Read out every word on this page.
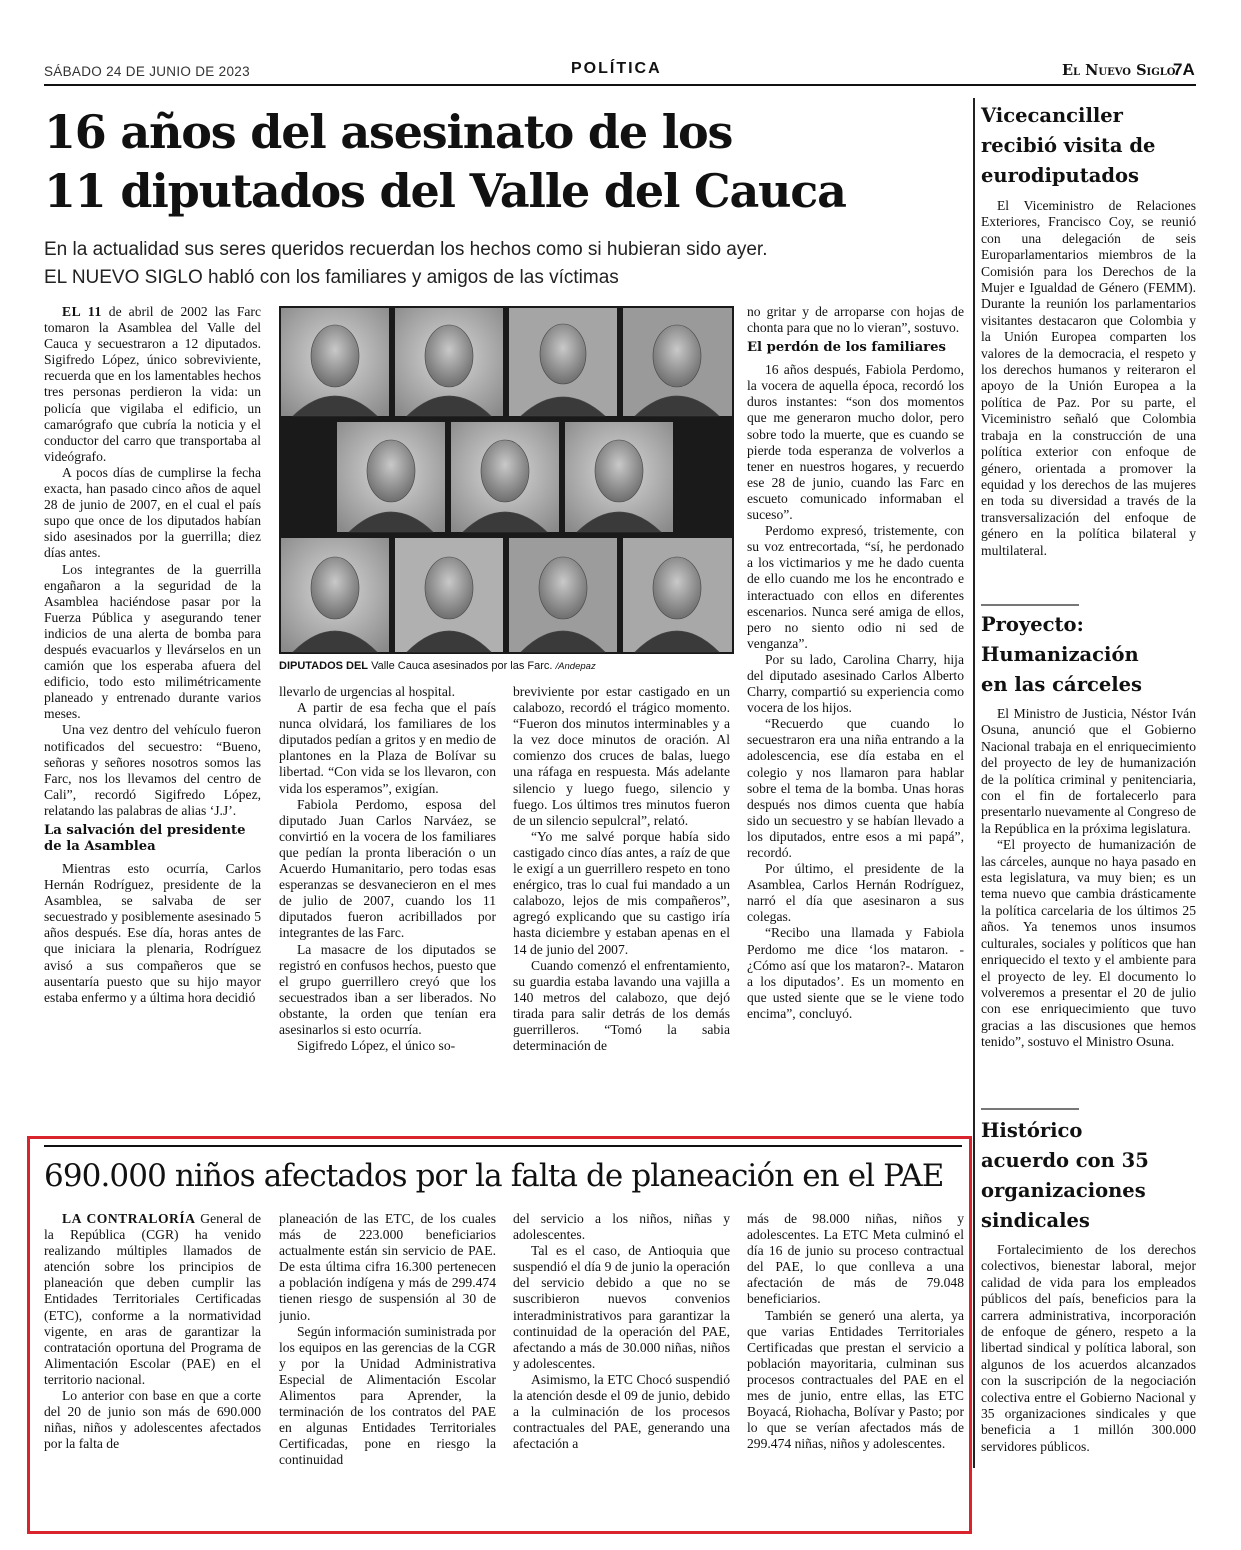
SÁBADO 24 DE JUNIO DE 2023	POLÍTICA	El Nuevo Siglo
7A
16 años del asesinato de los
11 diputados del Valle del Cauca
En la actualidad sus seres queridos recuerdan los hechos como si hubieran sido ayer.
EL NUEVO SIGLO habló con los familiares y amigos de las víctimas

EL 11 de abril de 2002 las Farc tomaron la Asamblea del Valle del Cauca y secuestraron a 12 diputados. Sigifredo López, único sobreviviente, recuerda que en los lamentables hechos tres personas perdieron la vida: un policía que vigilaba el edificio, un camarógrafo que cubría la noticia y el conductor del carro que transportaba al videógrafo.

A pocos días de cumplirse la fecha exacta, han pasado cinco años de aquel 28 de junio de 2007, en el cual el país supo que once de los diputados habían sido asesinados por la guerrilla; diez días antes.

Los integrantes de la guerrilla engañaron a la seguridad de la Asamblea haciéndose pasar por la Fuerza Pública y asegurando tener indicios de una alerta de bomba para después evacuarlos y llevárselos en un camión que los esperaba afuera del edificio, todo esto milimétricamente planeado y entrenado durante varios meses.

Una vez dentro del vehículo fueron notificados del secuestro: “Bueno, señoras y señores nosotros somos las Farc, nos los llevamos del centro de Cali”, recordó Sigifredo López, relatando las palabras de alias ‘J.J’.

La salvación del presidente de la Asamblea

Mientras esto ocurría, Carlos Hernán Rodríguez, presidente de la Asamblea, se salvaba de ser secuestrado y posiblemente asesinado 5 años después. Ese día, horas antes de que iniciara la plenaria, Rodríguez avisó a sus compañeros que se ausentaría puesto que su hijo mayor estaba enfermo y a última hora decidió

DIPUTADOS DEL Valle Cauca asesinados por las Farc. /Andepaz

llevarlo de urgencias al hospital.

A partir de esa fecha que el país nunca olvidará, los familiares de los diputados pedían a gritos y en medio de plantones en la Plaza de Bolívar su libertad. “Con vida se los llevaron, con vida los esperamos”, exigían.

Fabiola Perdomo, esposa del diputado Juan Carlos Narváez, se convirtió en la vocera de los familiares que pedían la pronta liberación o un Acuerdo Humanitario, pero todas esas esperanzas se desvanecieron en el mes de julio de 2007, cuando los 11 diputados fueron acribillados por integrantes de las Farc.

La masacre de los diputados se registró en confusos hechos, puesto que el grupo guerrillero creyó que los secuestrados iban a ser liberados. No obstante, la orden que tenían era asesinarlos si esto ocurría.

Sigifredo López, el único so-

breviviente por estar castigado en un calabozo, recordó el trágico momento. “Fueron dos minutos interminables y a la vez doce minutos de oración. Al comienzo dos cruces de balas, luego una ráfaga en respuesta. Más adelante silencio y luego fuego, silencio y fuego. Los últimos tres minutos fueron de un silencio sepulcral”, relató.

“Yo me salvé porque había sido castigado cinco días antes, a raíz de que le exigí a un guerrillero respeto en tono enérgico, tras lo cual fui mandado a un calabozo, lejos de mis compañeros”, agregó explicando que su castigo iría hasta diciembre y estaban apenas en el 14 de junio del 2007.

Cuando comenzó el enfrentamiento, su guardia estaba lavando una vajilla a 140 metros del calabozo, que dejó tirada para salir detrás de los demás guerrilleros. “Tomó la sabia determinación de

no gritar y de arroparse con hojas de chonta para que no lo vieran”, sostuvo.

El perdón de los familiares

16 años después, Fabiola Perdomo, la vocera de aquella época, recordó los duros instantes: “son dos momentos que me generaron mucho dolor, pero sobre todo la muerte, que es cuando se pierde toda esperanza de volverlos a tener en nuestros hogares, y recuerdo ese 28 de junio, cuando las Farc en escueto comunicado informaban el suceso”.

Perdomo expresó, tristemente, con su voz entrecortada, “sí, he perdonado a los victimarios y me he dado cuenta de ello cuando me los he encontrado e interactuado con ellos en diferentes escenarios. Nunca seré amiga de ellos, pero no siento odio ni sed de venganza”.

Por su lado, Carolina Charry, hija del diputado asesinado Carlos Alberto Charry, compartió su experiencia como vocera de los hijos.

“Recuerdo que cuando lo secuestraron era una niña entrando a la adolescencia, ese día estaba en el colegio y nos llamaron para hablar sobre el tema de la bomba. Unas horas después nos dimos cuenta que había sido un secuestro y se habían llevado a los diputados, entre esos a mi papá”, recordó.

Por último, el presidente de la Asamblea, Carlos Hernán Rodríguez, narró el día que asesinaron a sus colegas.

“Recibo una llamada y Fabiola Perdomo me dice ‘los mataron. - ¿Cómo así que los mataron?-. Mataron a los diputados’. Es un momento en que usted siente que se le viene todo encima”, concluyó.

Vicecanciller
recibió visita de
eurodiputados

El Viceministro de Relaciones Exteriores, Francisco Coy, se reunió con una delegación de seis Europarlamentarios miembros de la Comisión para los Derechos de la Mujer e Igualdad de Género (FEMM). Durante la reunión los parlamentarios visitantes destacaron que Colombia y la Unión Europea comparten los valores de la democracia, el respeto y los derechos humanos y reiteraron el apoyo de la Unión Europea a la política de Paz. Por su parte, el Viceministro señaló que Colombia trabaja en la construcción de una política exterior con enfoque de género, orientada a promover la equidad y los derechos de las mujeres en toda su diversidad a través de la transversalización del enfoque de género en la política bilateral y multilateral.

Proyecto:
Humanización
en las cárceles

El Ministro de Justicia, Néstor Iván Osuna, anunció que el Gobierno Nacional trabaja en el enriquecimiento del proyecto de ley de humanización de la política criminal y penitenciaria, con el fin de fortalecerlo para presentarlo nuevamente al Congreso de la República en la próxima legislatura.

“El proyecto de humanización de las cárceles, aunque no haya pasado en esta legislatura, va muy bien; es un tema nuevo que cambia drásticamente la política carcelaria de los últimos 25 años. Ya tenemos unos insumos culturales, sociales y políticos que han enriquecido el texto y el ambiente para el proyecto de ley. El documento lo volveremos a presentar el 20 de julio con ese enriquecimiento que tuvo gracias a las discusiones que hemos tenido”, sostuvo el Ministro Osuna.

Histórico
acuerdo con 35
organizaciones
sindicales

Fortalecimiento de los derechos colectivos, bienestar laboral, mejor calidad de vida para los empleados públicos del país, beneficios para la carrera administrativa, incorporación de enfoque de género, respeto a la libertad sindical y política laboral, son algunos de los acuerdos alcanzados con la suscripción de la negociación colectiva entre el Gobierno Nacional y 35 organizaciones sindicales y que beneficia a 1 millón 300.000 servidores públicos.

690.000 niños afectados por la falta de planeación en el PAE

LA CONTRALORÍA General de la República (CGR) ha venido realizando múltiples llamados de atención sobre los principios de planeación que deben cumplir las Entidades Territoriales Certificadas (ETC), conforme a la normatividad vigente, en aras de garantizar la contratación oportuna del Programa de Alimentación Escolar (PAE) en el territorio nacional.

Lo anterior con base en que a corte del 20 de junio son más de 690.000 niñas, niños y adolescentes afectados por la falta de

planeación de las ETC, de los cuales más de 223.000 beneficiarios actualmente están sin servicio de PAE. De esta última cifra 16.300 pertenecen a población indígena y más de 299.474 tienen riesgo de suspensión al 30 de junio.

Según información suministrada por los equipos en las gerencias de la CGR y por la Unidad Administrativa Especial de Alimentación Escolar Alimentos para Aprender, la terminación de los contratos del PAE en algunas Entidades Territoriales Certificadas, pone en riesgo la continuidad

del servicio a los niños, niñas y adolescentes.

Tal es el caso, de Antioquia que suspendió el día 9 de junio la operación del servicio debido a que no se suscribieron nuevos convenios interadministrativos para garantizar la continuidad de la operación del PAE, afectando a más de 30.000 niñas, niños y adolescentes.

Asimismo, la ETC Chocó suspendió la atención desde el 09 de junio, debido a la culminación de los procesos contractuales del PAE, generando una afectación a

más de 98.000 niñas, niños y adolescentes. La ETC Meta culminó el día 16 de junio su proceso contractual del PAE, lo que conlleva a una afectación de más de 79.048 beneficiarios.

También se generó una alerta, ya que varias Entidades Territoriales Certificadas que prestan el servicio a población mayoritaria, culminan sus procesos contractuales del PAE en el mes de junio, entre ellas, las ETC Boyacá, Riohacha, Bolívar y Pasto; por lo que se verían afectados más de 299.474 niñas, niños y adolescentes.
